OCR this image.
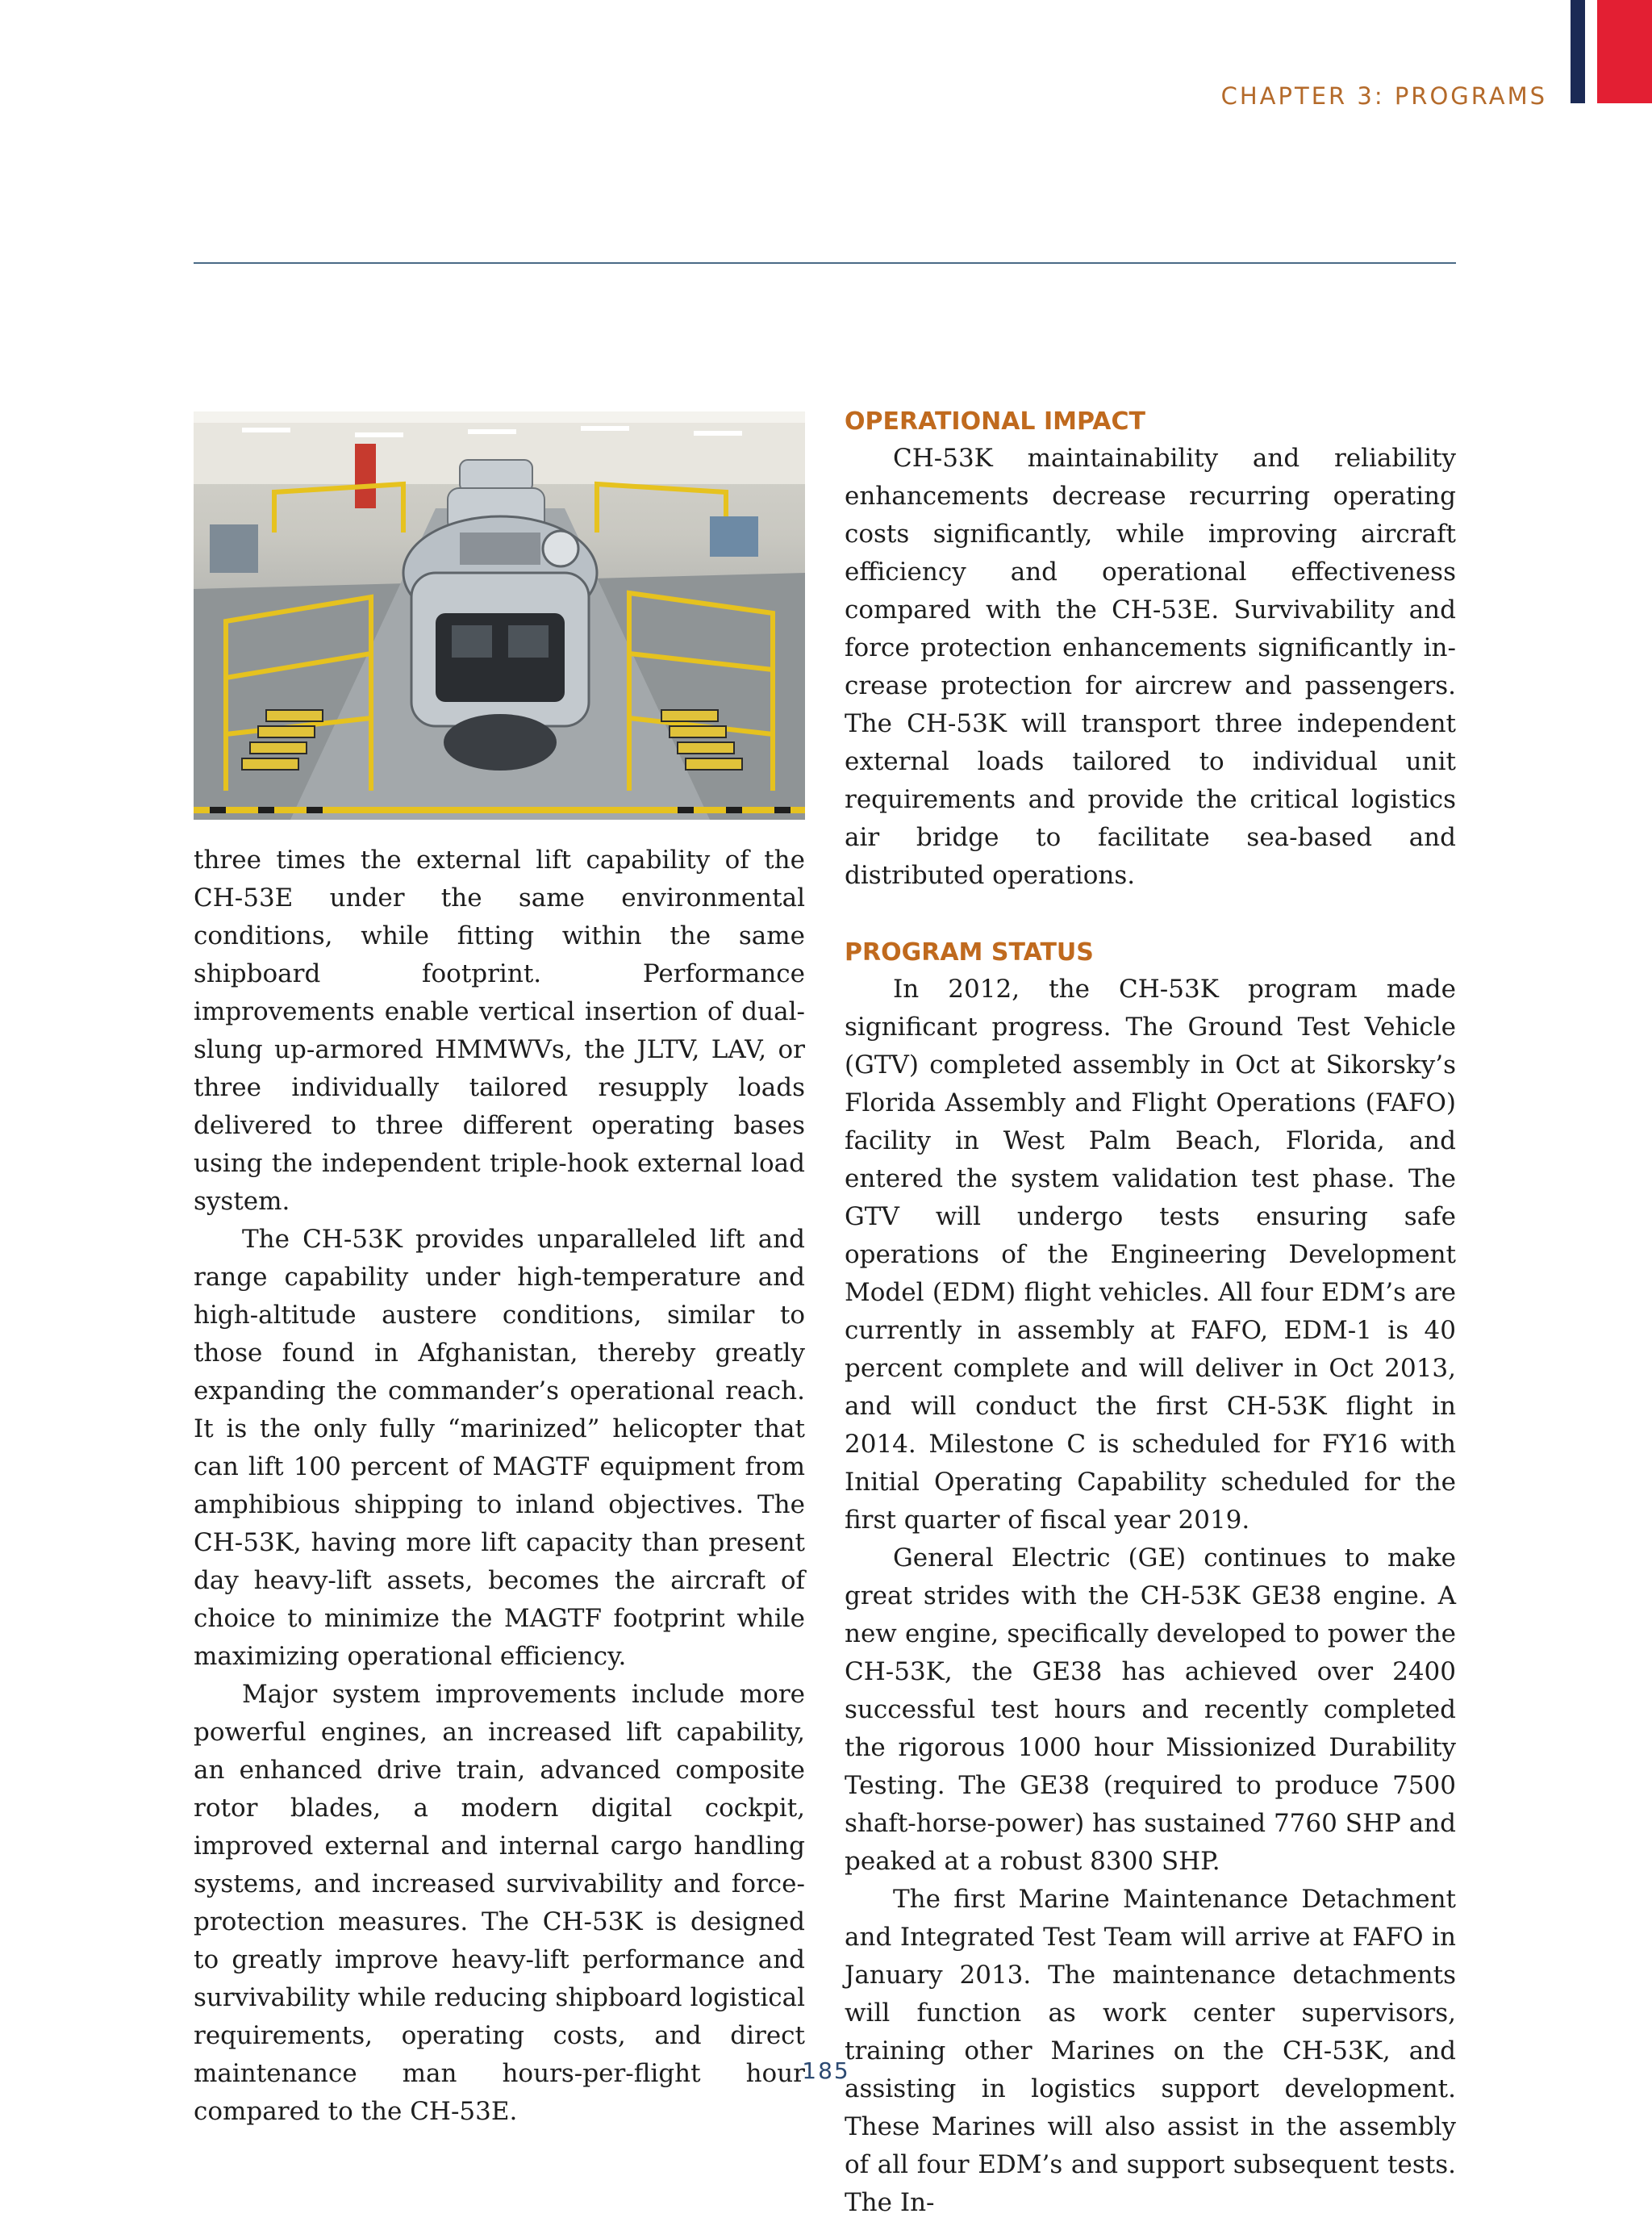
CHAPTER 3: PROGRAMS

three times the external lift capability of the CH-53E under the same environmental conditions, while fitting within the same shipboard footprint. Performance improvements enable vertical insertion of dual-slung up-armored HMMWVs, the JLTV, LAV, or three individually tailored resupply loads delivered to three different operating bases using the independent triple-hook external load system.

The CH-53K provides unparalleled lift and range capability under high-temperature and high-altitude austere conditions, similar to those found in Afghanistan, thereby greatly expanding the commander’s operational reach. It is the only fully “marinized” helicopter that can lift 100 percent of MAGTF equipment from amphibious shipping to inland objectives. The CH-53K, having more lift capacity than present day heavy-lift assets, becomes the aircraft of choice to minimize the MAGTF footprint while maximizing operational efficiency.

Major system improvements include more powerful engines, an increased lift capability, an enhanced drive train, advanced composite rotor blades, a modern digital cockpit, improved external and internal cargo handling systems, and increased survivability and force-protection measures. The CH-53K is designed to greatly improve heavy-lift performance and survivability while reducing shipboard logistical requirements, operating costs, and direct maintenance man hours-per-flight hour compared to the CH-53E.

OPERATIONAL IMPACT

CH-53K maintainability and reliability enhancements decrease recurring operating costs significantly, while improving aircraft efficiency and operational effectiveness compared with the CH-53E. Survivability and force protection enhancements significantly increase protection for aircrew and passengers. The CH-53K will transport three independent external loads tailored to individual unit requirements and provide the critical logistics air bridge to facilitate sea-based and distributed operations.

PROGRAM STATUS

In 2012, the CH-53K program made significant progress. The Ground Test Vehicle (GTV) completed assembly in Oct at Sikorsky’s Florida Assembly and Flight Operations (FAFO) facility in West Palm Beach, Florida, and entered the system validation test phase. The GTV will undergo tests ensuring safe operations of the Engineering Development Model (EDM) flight vehicles. All four EDM’s are currently in assembly at FAFO, EDM-1 is 40 percent complete and will deliver in Oct 2013, and will conduct the first CH-53K flight in 2014. Milestone C is scheduled for FY16 with Initial Operating Capability scheduled for the first quarter of fiscal year 2019.

General Electric (GE) continues to make great strides with the CH-53K GE38 engine. A new engine, specifically developed to power the CH-53K, the GE38 has achieved over 2400 successful test hours and recently completed the rigorous 1000 hour Missionized Durability Testing. The GE38 (required to produce 7500 shaft-horse-power) has sustained 7760 SHP and peaked at a robust 8300 SHP.

The first Marine Maintenance Detachment and Integrated Test Team will arrive at FAFO in January 2013. The maintenance detachments will function as work center supervisors, training other Marines on the CH-53K, and assisting in logistics support development. These Marines will also assist in the assembly of all four EDM’s and support subsequent tests. The In-

185
